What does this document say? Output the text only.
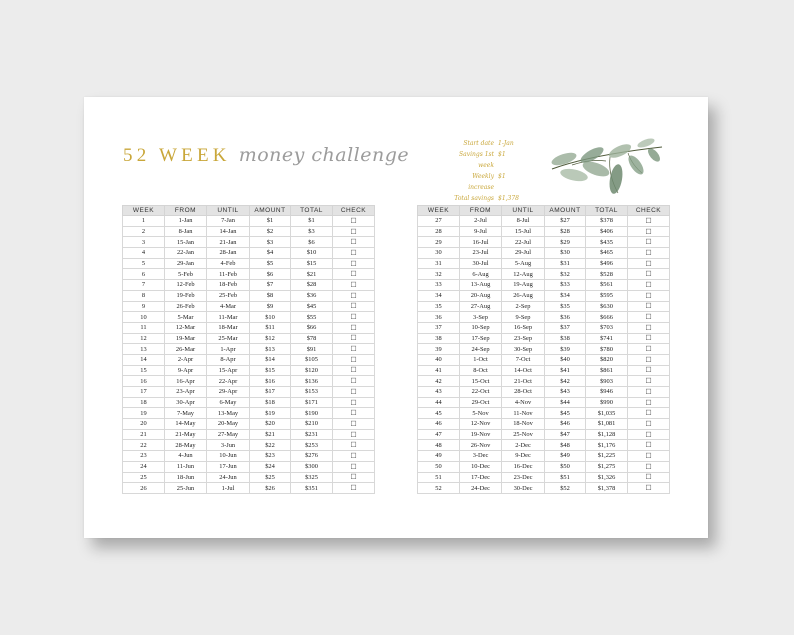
52 WEEK money challenge
Start date 1-Jan
Savings 1st week
$1
Weekly increase
$1
Total savings $1,378
WEEK	FROM	UNTIL	AMOUNT	TOTAL	CHECK
1	1-Jan	7-Jan	$1	$1	☐
2	8-Jan	14-Jan	$2	$3	☐
3	15-Jan	21-Jan	$3	$6	☐
4	22-Jan	28-Jan	$4	$10	☐
5	29-Jan	4-Feb	$5	$15	☐
6	5-Feb	11-Feb	$6	$21	☐
7	12-Feb	18-Feb	$7	$28	☐
8	19-Feb	25-Feb	$8	$36	☐
9	26-Feb	4-Mar	$9	$45	☐
10	5-Mar	11-Mar	$10	$55	☐
11	12-Mar	18-Mar	$11	$66	☐
12	19-Mar	25-Mar	$12	$78	☐
13	26-Mar	1-Apr	$13	$91	☐
14	2-Apr	8-Apr	$14	$105	☐
15	9-Apr	15-Apr	$15	$120	☐
16	16-Apr	22-Apr	$16	$136	☐
17	23-Apr	29-Apr	$17	$153	☐
18	30-Apr	6-May	$18	$171	☐
19	7-May	13-May	$19	$190	☐
20	14-May	20-May	$20	$210	☐
21	21-May	27-May	$21	$231	☐
22	28-May	3-Jun	$22	$253	☐
23	4-Jun	10-Jun	$23	$276	☐
24	11-Jun	17-Jun	$24	$300	☐
25	18-Jun	24-Jun	$25	$325	☐
26	25-Jun	1-Jul	$26	$351	☐
WEEK	FROM	UNTIL	AMOUNT	TOTAL	CHECK
27	2-Jul	8-Jul	$27	$378	☐
28	9-Jul	15-Jul	$28	$406	☐
29	16-Jul	22-Jul	$29	$435	☐
30	23-Jul	29-Jul	$30	$465	☐
31	30-Jul	5-Aug	$31	$496	☐
32	6-Aug	12-Aug	$32	$528	☐
33	13-Aug	19-Aug	$33	$561	☐
34	20-Aug	26-Aug	$34	$595	☐
35	27-Aug	2-Sep	$35	$630	☐
36	3-Sep	9-Sep	$36	$666	☐
37	10-Sep	16-Sep	$37	$703	☐
38	17-Sep	23-Sep	$38	$741	☐
39	24-Sep	30-Sep	$39	$780	☐
40	1-Oct	7-Oct	$40	$820	☐
41	8-Oct	14-Oct	$41	$861	☐
42	15-Oct	21-Oct	$42	$903	☐
43	22-Oct	28-Oct	$43	$946	☐
44	29-Oct	4-Nov	$44	$990	☐
45	5-Nov	11-Nov	$45	$1,035	☐
46	12-Nov	18-Nov	$46	$1,081	☐
47	19-Nov	25-Nov	$47	$1,128	☐
48	26-Nov	2-Dec	$48	$1,176	☐
49	3-Dec	9-Dec	$49	$1,225	☐
50	10-Dec	16-Dec	$50	$1,275	☐
51	17-Dec	23-Dec	$51	$1,326	☐
52	24-Dec	30-Dec	$52	$1,378	☐
